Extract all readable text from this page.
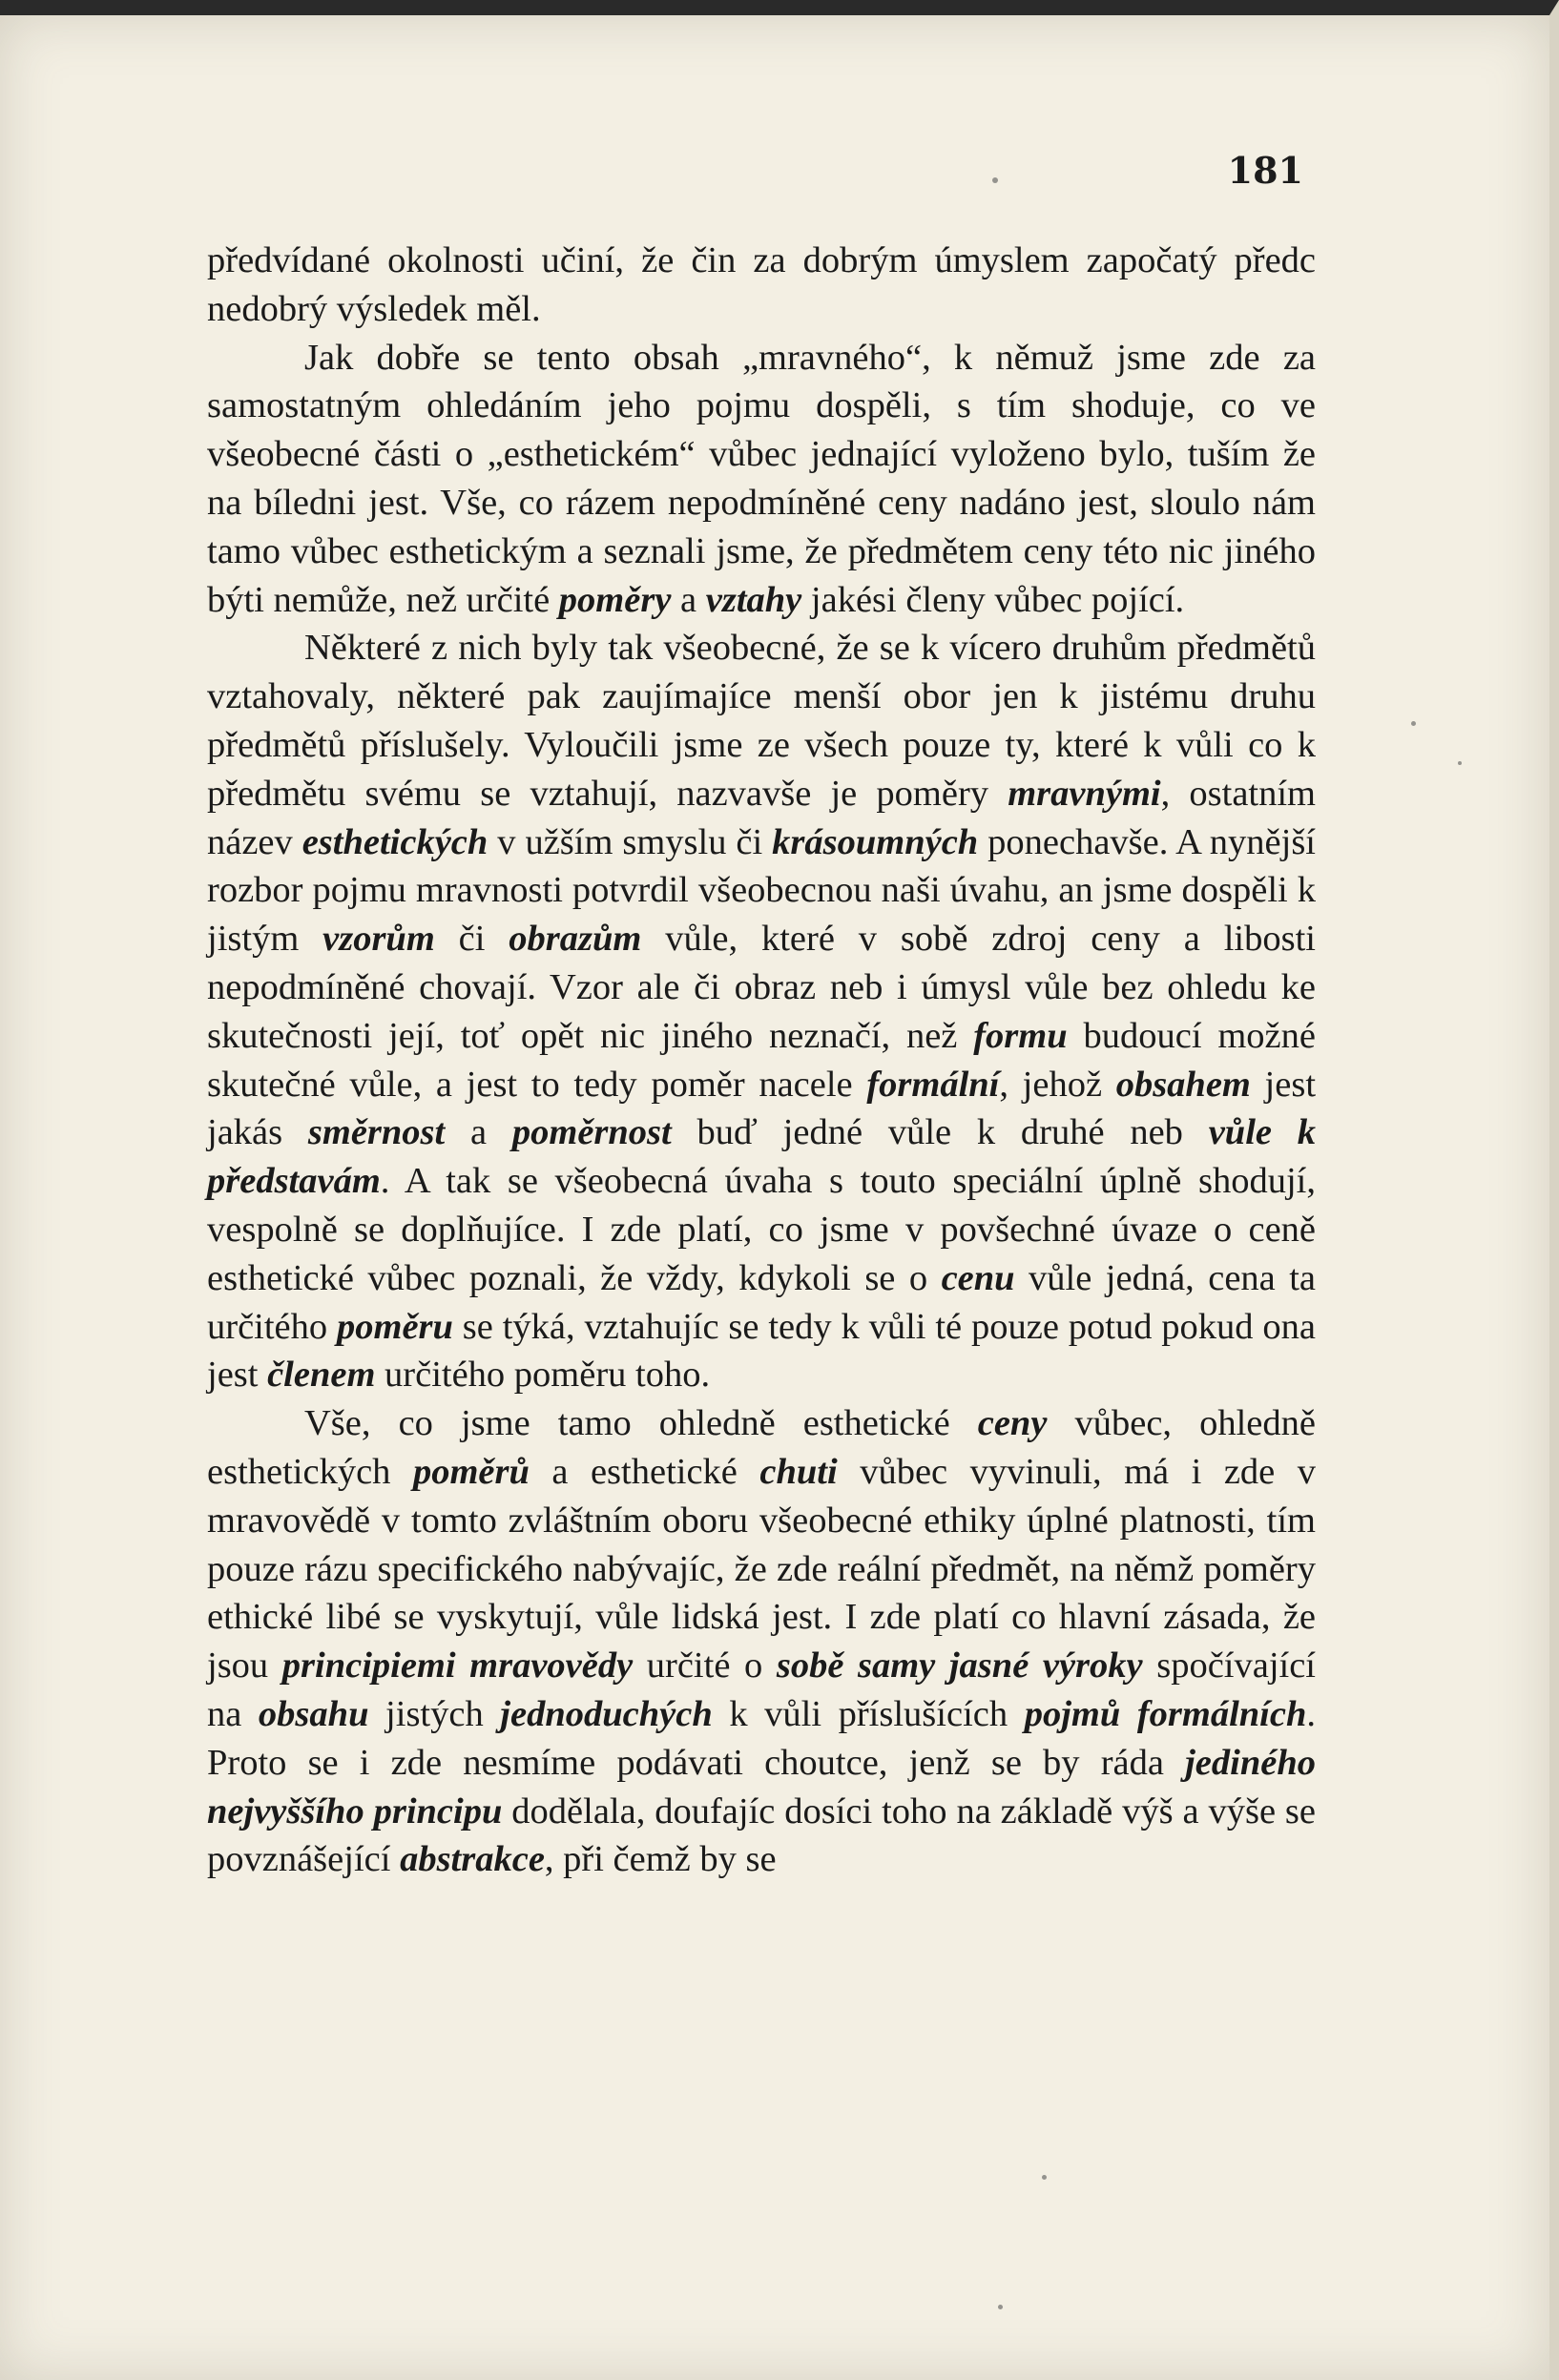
181

předvídané okolnosti učiní, že čin za dobrým úmyslem započatý předc nedobrý výsledek měl.

Jak dobře se tento obsah „mravného“, k němuž jsme zde za samostatným ohledáním jeho pojmu dospěli, s tím shoduje, co ve všeobecné části o „esthetickém“ vůbec jednající vyloženo bylo, tuším že na bíledni jest. Vše, co rázem nepodmíněné ceny nadáno jest, sloulo nám tamo vůbec esthetickým a seznali jsme, že předmětem ceny této nic jiného býti nemůže, než určité poměry a vztahy jakési členy vůbec pojící.

Některé z nich byly tak všeobecné, že se k vícero druhům předmětů vztahovaly, některé pak zaujímajíce menší obor jen k jistému druhu předmětů příslušely. Vyloučili jsme ze všech pouze ty, které k vůli co k předmětu svému se vztahují, nazvavše je poměry mravnými, ostatním název esthetických v užším smyslu či krásoumných ponechavše. A nynější rozbor pojmu mravnosti potvrdil všeobecnou naši úvahu, an jsme dospěli k jistým vzorům či obrazům vůle, které v sobě zdroj ceny a libosti nepodmíněné chovají. Vzor ale či obraz neb i úmysl vůle bez ohledu ke skutečnosti její, toť opět nic jiného neznačí, než formu budoucí možné skutečné vůle, a jest to tedy poměr nacele formální, jehož obsahem jest jakás směrnost a poměrnost buď jedné vůle k druhé neb vůle k představám. A tak se všeobecná úvaha s touto speciální úplně shodují, vespolně se doplňujíce. I zde platí, co jsme v povšechné úvaze o ceně esthetické vůbec poznali, že vždy, kdykoli se o cenu vůle jedná, cena ta určitého poměru se týká, vztahujíc se tedy k vůli té pouze potud pokud ona jest členem určitého poměru toho.

Vše, co jsme tamo ohledně esthetické ceny vůbec, ohledně esthetických poměrů a esthetické chuti vůbec vyvinuli, má i zde v mravovědě v tomto zvláštním oboru všeobecné ethiky úplné platnosti, tím pouze rázu specifického nabývajíc, že zde reální předmět, na němž poměry ethické libé se vyskytují, vůle lidská jest. I zde platí co hlavní zásada, že jsou principiemi mravovědy určité o sobě samy jasné výroky spočívající na obsahu jistých jednoduchých k vůli příslušících pojmů formálních. Proto se i zde nesmíme podávati choutce, jenž se by ráda jediného nejvyššího principu dodělala, doufajíc dosíci toho na základě výš a výše se povznášející abstrakce, při čemž by se
